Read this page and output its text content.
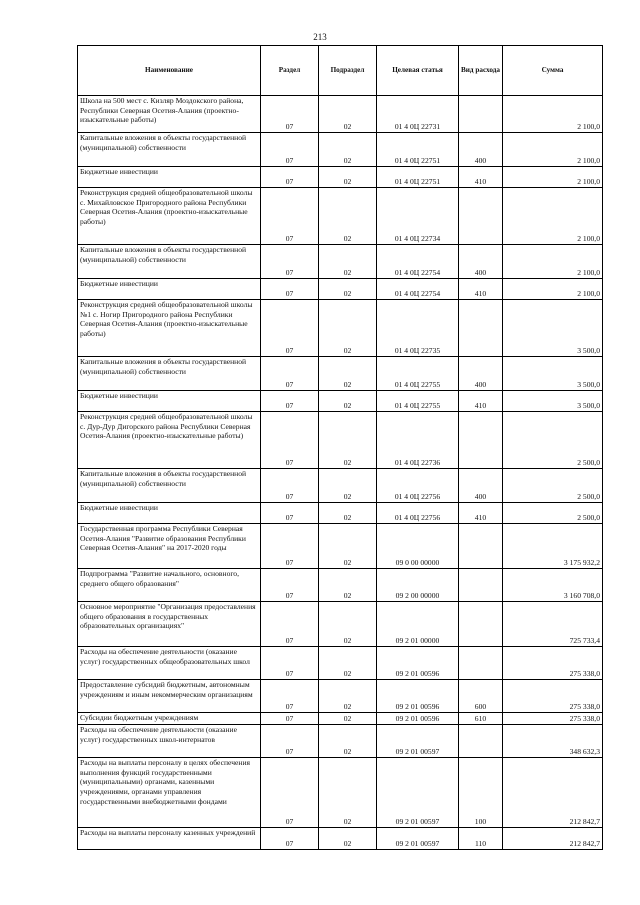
213
Наименование	Раздел	Подраздел	Целевая статья	Вид расхода	Сумма
Школа на 500 мест с. Кизляр Моздокского района, Республики Северная Осетия-Алания (проектно-изыскательные работы)	07	02	01 4 0Ц 22731		2 100,0
Капитальные вложения в объекты государственной (муниципальной) собственности	07	02	01 4 0Ц 22751	400	2 100,0
Бюджетные инвестиции	07	02	01 4 0Ц 22751	410	2 100,0
Реконструкция средней общеобразовательной школы с. Михайловское Пригородного района Республики Северная Осетия-Алания (проектно-изыскательные работы)	07	02	01 4 0Ц 22734		2 100,0
Капитальные вложения в объекты государственной (муниципальной) собственности	07	02	01 4 0Ц 22754	400	2 100,0
Бюджетные инвестиции	07	02	01 4 0Ц 22754	410	2 100,0
Реконструкция средней общеобразовательной школы №1 с. Ногир Пригородного района Республики Северная Осетия-Алания (проектно-изыскательные работы)	07	02	01 4 0Ц 22735		3 500,0
Капитальные вложения в объекты государственной (муниципальной) собственности	07	02	01 4 0Ц 22755	400	3 500,0
Бюджетные инвестиции	07	02	01 4 0Ц 22755	410	3 500,0
Реконструкция средней общеобразовательной школы с. Дур-Дур Дигорского района Республики Северная Осетия-Алания (проектно-изыскательные работы)	07	02	01 4 0Ц 22736		2 500,0
Капитальные вложения в объекты государственной (муниципальной) собственности	07	02	01 4 0Ц 22756	400	2 500,0
Бюджетные инвестиции	07	02	01 4 0Ц 22756	410	2 500,0
Государственная программа Республики Северная Осетия-Алания "Развитие образования Республики Северная Осетия-Алания" на 2017-2020 годы	07	02	09 0 00 00000		3 175 932,2
Подпрограмма "Развитие начального, основного, среднего общего образования"	07	02	09 2 00 00000		3 160 708,0
Основное мероприятие "Организация предоставления общего образования в государственных образовательных организациях"	07	02	09 2 01 00000		725 733,4
Расходы на обеспечение деятельности (оказание услуг) государственных общеобразовательных школ	07	02	09 2 01 00596		275 338,0
Предоставление субсидий бюджетным, автономным учреждениям и иным некоммерческим организациям	07	02	09 2 01 00596	600	275 338,0
Субсидии бюджетным учреждениям	07	02	09 2 01 00596	610	275 338,0
Расходы на обеспечение деятельности (оказание услуг) государственных школ-интернатов	07	02	09 2 01 00597		348 632,3
Расходы на выплаты персоналу в целях обеспечения выполнения функций государственными (муниципальными) органами, казенными учреждениями, органами управления государственными внебюджетными фондами	07	02	09 2 01 00597	100	212 842,7
Расходы на выплаты персоналу казенных учреждений	07	02	09 2 01 00597	110	212 842,7
